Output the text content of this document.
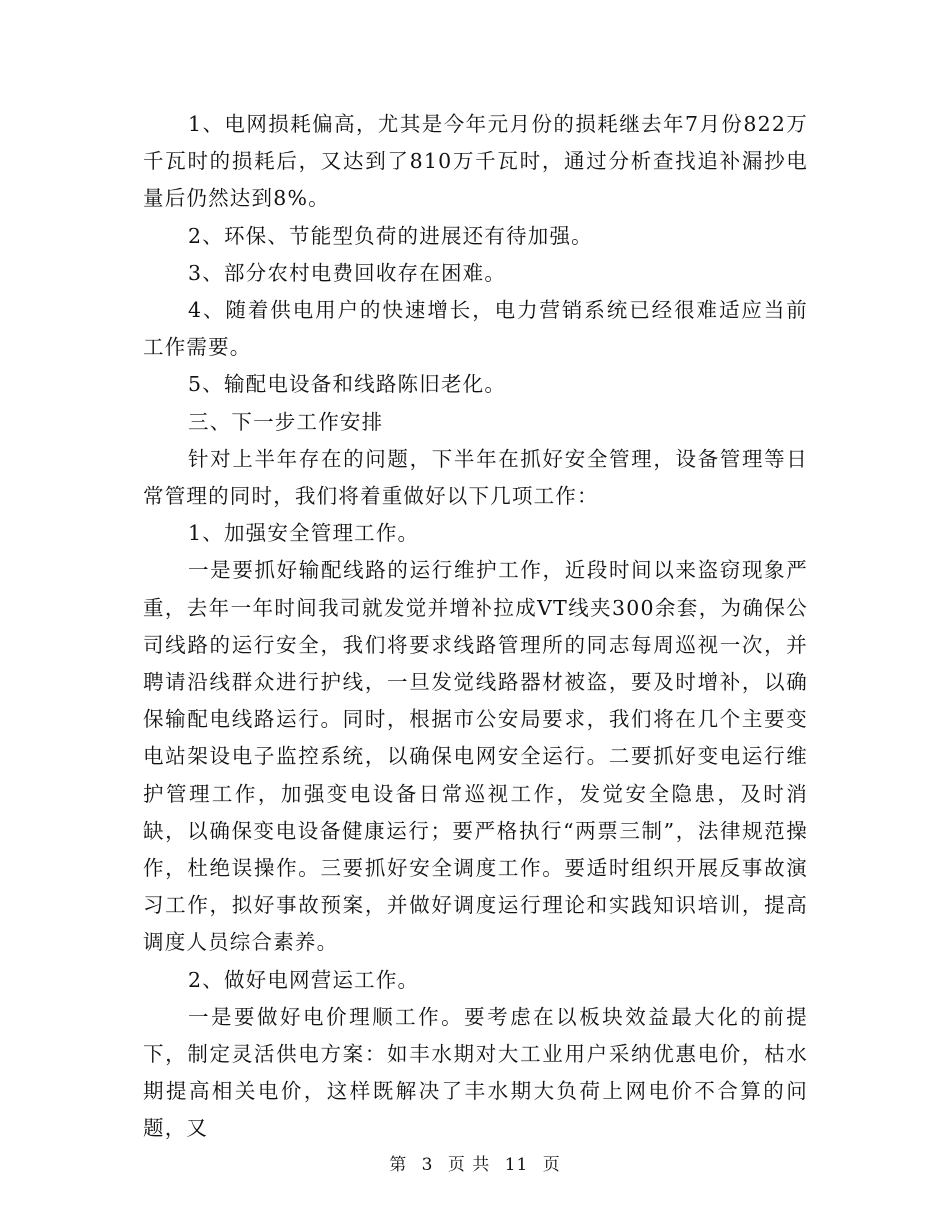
1、电网损耗偏高，尤其是今年元月份的损耗继去年7月份822万千瓦时的损耗后，又达到了810万千瓦时，通过分析查找追补漏抄电量后仍然达到8%。

2、环保、节能型负荷的进展还有待加强。

3、部分农村电费回收存在困难。

4、随着供电用户的快速增长，电力营销系统已经很难适应当前工作需要。

5、输配电设备和线路陈旧老化。

三、下一步工作安排

针对上半年存在的问题，下半年在抓好安全管理，设备管理等日常管理的同时，我们将着重做好以下几项工作：

1、加强安全管理工作。

一是要抓好输配线路的运行维护工作，近段时间以来盗窃现象严重，去年一年时间我司就发觉并增补拉成VT线夹300余套，为确保公司线路的运行安全，我们将要求线路管理所的同志每周巡视一次，并聘请沿线群众进行护线，一旦发觉线路器材被盗，要及时增补，以确保输配电线路运行。同时，根据市公安局要求，我们将在几个主要变电站架设电子监控系统，以确保电网安全运行。二要抓好变电运行维护管理工作，加强变电设备日常巡视工作，发觉安全隐患，及时消缺，以确保变电设备健康运行；要严格执行“两票三制”，法律规范操作，杜绝误操作。三要抓好安全调度工作。要适时组织开展反事故演习工作，拟好事故预案，并做好调度运行理论和实践知识培训，提高调度人员综合素养。

2、做好电网营运工作。

一是要做好电价理顺工作。要考虑在以板块效益最大化的前提下，制定灵活供电方案：如丰水期对大工业用户采纳优惠电价，枯水期提高相关电价，这样既解决了丰水期大负荷上网电价不合算的问题，又

第 3 页 共 11 页
